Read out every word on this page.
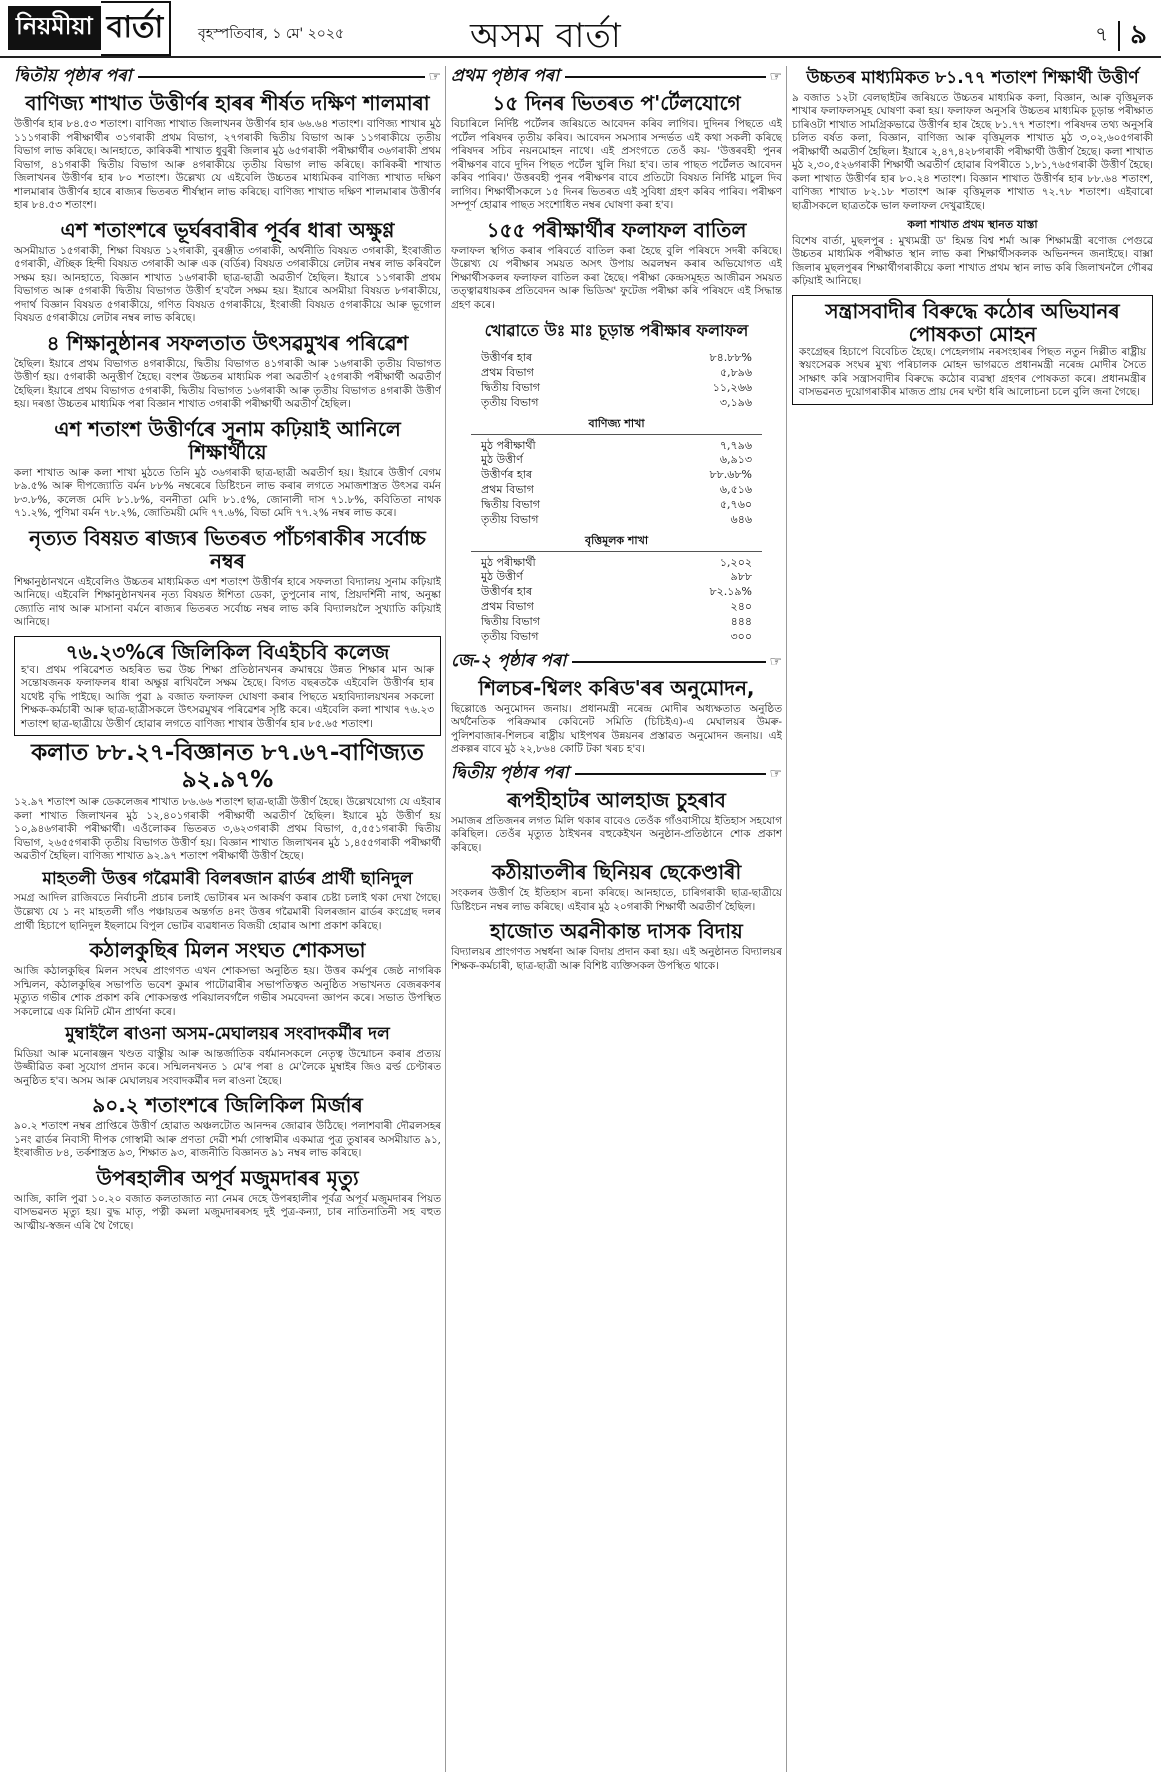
নিয়মীয়া বাৰ্তা	বৃহস্পতিবাৰ, ১ মে' ২০২৫	অসম বাৰ্তা	৭ ৯
দ্বিতীয় পৃষ্ঠাৰ পৰা	☞
বাণিজ্য শাখাত উত্তীৰ্ণৰ হাৰৰ শীৰ্ষত দক্ষিণ শালমাৰা
উত্তীৰ্ণৰ হাৰ ৮৪.৫৩ শতাংশ। বাণিজ্য শাখাত জিলাখনৰ উত্তীৰ্ণৰ হাৰ ৬৬.৬৪ শতাংশ। বাণিজ্য শাখাৰ মুঠ ১১১গৰাকী পৰীক্ষাৰ্থীৰ ৩১গৰাকী প্ৰথম বিভাগ, ২৭গৰাকী দ্বিতীয় বিভাগ আৰু ১১গৰাকীয়ে তৃতীয় বিভাগ লাভ কৰিছে। আনহাতে, কাৰিকৰী শাখাত ধুবুৰী জিলাৰ মুঠ ৬৫গৰাকী পৰীক্ষাৰ্থীৰ ৩৬গৰাকী প্ৰথম বিভাগ, ৪১গৰাকী দ্বিতীয় বিভাগ আৰু ৪গৰাকীয়ে তৃতীয় বিভাগ লাভ কৰিছে। কাৰিকৰী শাখাত জিলাখনৰ উত্তীৰ্ণৰ হাৰ ৮০ শতাংশ। উল্লেখ্য যে এইবেলি উচ্চতৰ মাধ্যমিকৰ বাণিজ্য শাখাত দক্ষিণ শালমাৰাৰ উত্তীৰ্ণৰ হাৰে ৰাজ্যৰ ভিতৰত শীৰ্ষস্থান লাভ কৰিছে। বাণিজ্য শাখাত দক্ষিণ শালমাৰাৰ উত্তীৰ্ণৰ হাৰ ৮৪.৫৩ শতাংশ।
এশ শতাংশৰে ভূৰ্ঘৰবাৰীৰ পূৰ্বৰ ধাৰা অক্ষুণ্ণ
অসমীয়াত ১৫গৰাকী, শিক্ষা বিষয়ত ১২গৰাকী, বুৰঞ্জীত ৩গৰাকী, অৰ্থনীতি বিষয়ত ৩গৰাকী, ইংৰাজীত ৫গৰাকী, ঐচ্ছিক হিন্দী বিষয়ত ৩গৰাকী আৰু এক (বৰ্ডিৰ) বিষয়ত ৩গৰাকীয়ে লেটাৰ নম্বৰ লাভ কৰিবলৈ সক্ষম হয়। আনহাতে, বিজ্ঞান শাখাত ১৬গৰাকী ছাত্ৰ-ছাত্ৰী অৱতীৰ্ণ হৈছিল। ইয়াৰে ১১গৰাকী প্ৰথম বিভাগত আৰু ৫গৰাকী দ্বিতীয় বিভাগত উত্তীৰ্ণ হ'বলৈ সক্ষম হয়। ইয়াৰে অসমীয়া বিষয়ত ৮গৰাকীয়ে, পদাৰ্থ বিজ্ঞান বিষয়ত ৫গৰাকীয়ে, গণিত বিষয়ত ৫গৰাকীয়ে, ইংৰাজী বিষয়ত ৫গৰাকীয়ে আৰু ভূগোল বিষয়ত ৫গৰাকীয়ে লেটাৰ নম্বৰ লাভ কৰিছে।
৪ শিক্ষানুষ্ঠানৰ সফলতাত উৎসৱমুখৰ পৰিৱেশ
হৈছিল। ইয়াৰে প্ৰথম বিভাগত ৪গৰাকীয়ে, দ্বিতীয় বিভাগত ৪১গৰাকী আৰু ১৬গৰাকী তৃতীয় বিভাগত উত্তীৰ্ণ হয়। ৫গৰাকী অনুত্তীৰ্ণ হৈছে। বংশৰ উচ্চতৰ মাধ্যমিক পৰা অৱতীৰ্ণ ২৫গৰাকী পৰীক্ষাৰ্থী অৱতীৰ্ণ হৈছিল। ইয়াৰে প্ৰথম বিভাগত ৫গৰাকী, দ্বিতীয় বিভাগত ১৬গৰাকী আৰু তৃতীয় বিভাগত ৪গৰাকী উত্তীৰ্ণ হয়। দৰঙা উচ্চতৰ মাধ্যমিক পৰা বিজ্ঞান শাখাত ৩গৰাকী পৰীক্ষাৰ্থী অৱতীৰ্ণ হৈছিল।
এশ শতাংশ উত্তীৰ্ণৰে সুনাম কঢ়িয়াই আনিলে শিক্ষাৰ্থীয়ে
কলা শাখাত আৰু কলা শাখা মুঠতে তিনি মুঠ ৩৬গৰাকী ছাত্ৰ-ছাত্ৰী অৱতীৰ্ণ হয়। ইয়াৰে উত্তীৰ্ণ বেগম ৮৯.৫% আৰু দীপজ্যোতি বৰ্মন ৮৮% নম্বৰেৰে ডিষ্টিংচন লাভ কৰাৰ লগতে সমাজশাস্ত্ৰত উৎসৱ বৰ্মন ৮৩.৮%, কলেজ মেদি ৮১.৮%, বননীতা মেদি ৮১.৫%, জোনালী দাস ৭১.৮%, কবিতিতা নাথক ৭১.২%, পুণিমা বৰ্মন ৭৮.২%, জোতিময়ী মেদি ৭৭.৬%, বিভা মেদি ৭৭.২% নম্বৰ লাভ কৰে।
নৃত্যত বিষয়ত ৰাজ্যৰ ভিতৰত পাঁচগৰাকীৰ সৰ্বোচ্চ নম্বৰ
শিক্ষানুষ্ঠানখনে এইবেলিও উচ্চতৰ মাধ্যমিকত এশ শতাংশ উত্তীৰ্ণৰ হাৰে সফলতা বিদ্যালয় সুনাম কঢ়িয়াই আনিছে। এইবেলি শিক্ষানুষ্ঠানখনৰ নৃত্য বিষয়ত ঈশিতা ডেকা, তুপুনোৰ নাথ, প্ৰিয়দৰ্শিনী নাথ, অনুষ্কা জ্যোতি নাথ আৰু মাসানা বৰ্মনে ৰাজ্যৰ ভিতৰত সৰ্বোচ্চ নম্বৰ লাভ কৰি বিদ্যালয়লৈ সুখ্যাতি কঢ়িয়াই আনিছে।
৭৬.২৩%ৰে জিলিকিল বিএইচবি কলেজ
হ'ব। প্ৰথম পৰিৱেশত অহৰিত ভৱ উচ্চ শিক্ষা প্ৰতিষ্ঠানখনৰ ক্ৰমান্বয়ে উন্নত শিক্ষাৰ মান আৰু সন্তোষজনক ফলাফলৰ ধাৰা অক্ষুণ্ণ ৰাখিবলৈ সক্ষম হৈছে। বিগত বছৰতকৈ এইবেলি উত্তীৰ্ণৰ হাৰ যথেষ্ট বৃদ্ধি পাইছে। আজি পুৱা ৯ বজাত ফলাফল ঘোষণা কৰাৰ পিছতে মহাবিদ্যালয়খনৰ সকলো শিক্ষক-কৰ্মচাৰী আৰু ছাত্ৰ-ছাত্ৰীসকলে উৎসৱমুখৰ পৰিৱেশৰ সৃষ্টি কৰে। এইবেলি কলা শাখাৰ ৭৬.২৩ শতাংশ ছাত্ৰ-ছাত্ৰীয়ে উত্তীৰ্ণ হোৱাৰ লগতে বাণিজ্য শাখাৰ উত্তীৰ্ণৰ হাৰ ৮৫.৬৫ শতাংশ।
কলাত ৮৮.২৭-বিজ্ঞানত ৮৭.৬৭-বাণিজ্যত ৯২.৯৭%
১২.৯৭ শতাংশ আৰু ডেকলেজৰ শাখাত ৮৬.৬৬ শতাংশ ছাত্ৰ-ছাত্ৰী উত্তীৰ্ণ হৈছে। উল্লেখযোগ্য যে এইবাৰ কলা শাখাত জিলাখনৰ মুঠ ১২,৪০১গৰাকী পৰীক্ষাৰ্থী অৱতীৰ্ণ হৈছিল। ইয়াৰে মুঠ উত্তীৰ্ণ হয় ১০,৯৪৬গৰাকী পৰীক্ষাৰ্থী। এওঁলোকৰ ভিতৰত ৩,৬২৩গৰাকী প্ৰথম বিভাগ, ৫,৫৫১গৰাকী দ্বিতীয় বিভাগ, ২৬৫৫গৰাকী তৃতীয় বিভাগত উত্তীৰ্ণ হয়। বিজ্ঞান শাখাত জিলাখনৰ মুঠ ১,৪৫৫গৰাকী পৰীক্ষাৰ্থী অৱতীৰ্ণ হৈছিল। বাণিজ্য শাখাত ৯২.৯৭ শতাংশ পৰীক্ষাৰ্থী উত্তীৰ্ণ হৈছে।
মাহতলী উত্তৰ গৱৈমাৰী বিলৰজান ৱাৰ্ডৰ প্ৰাৰ্থী ছানিদুল
সমগ্ৰ আদিল রাজিবতে নিৰ্বাচনী প্ৰচাৰ চলাই ভোটাৰৰ মন আকৰ্ষণ কৰাৰ চেষ্টা চলাই থকা দেখা গৈছে। উল্লেখ্য যে ১ নং মাহতলী গাঁও পঞ্চায়তৰ অন্তৰ্গত ৪নং উত্তৰ গৱৈমাৰী বিলৰজান ৱাৰ্ডৰ কংগ্ৰেছ দলৰ প্ৰাৰ্থী হিচাপে ছানিদুল ইছলামে বিপুল ভোটৰ ব্যৱধানত বিজয়ী হোৱাৰ আশা প্ৰকাশ কৰিছে।
কঠালকুছিৰ মিলন সংঘত শোকসভা
আজি কঠালকুছিৰ মিলন সংঘৰ প্ৰাংগণত এখন শোকসভা অনুষ্ঠিত হয়। উত্তৰ কৰ্মপুৰ জেষ্ঠ নাগৰিক সন্মিলন, কঠালকুছিৰ সভাপতি ভবেশ কুমাৰ পাটোৱাৰীৰ সভাপতিত্বত অনুষ্ঠিত সভাখনত বেজৰকণৰ মৃত্যুত গভীৰ শোক প্ৰকাশ কৰি শোকসন্তপ্ত পৰিয়ালবৰ্গলৈ গভীৰ সমবেদনা জ্ঞাপন কৰে। সভাত উপস্থিত সকলোৱে এক মিনিট মৌন প্ৰাৰ্থনা কৰে।
মুম্বাইলৈ ৰাওনা অসম-মেঘালয়ৰ সংবাদকৰ্মীৰ দল
মিডিয়া আৰু মনোৰঞ্জন খণ্ডত বাস্তুীয় আৰু আন্তৰ্জাতিক বৰ্ধমানসকলে নেতৃত্ব উন্মোচন কৰাৰ প্ৰত্যয় উজ্জীৱিত কৰা সুযোগ প্ৰদান কৰে। সন্মিলনখনত ১ মে'ৰ পৰা ৪ মে'লৈকে মুম্বাইৰ জিও ৱৰ্ল্ড চেণ্টাৰত অনুষ্ঠিত হ'ব। অসম আৰু মেঘালয়ৰ সংবাদকৰ্মীৰ দল ৰাওনা হৈছে।
৯০.২ শতাংশৰে জিলিকিল মিৰ্জাৰ
৯০.২ শতাংশ নম্বৰ প্ৰাপ্তিৰে উত্তীৰ্ণ হোৱাত অঞ্চলটোত আনন্দৰ জোৱাৰ উঠিছে। পলাশবাৰী দৌৱলসহৰ ১নং ৱাৰ্ডৰ নিবাসী দীপক গোস্বামী আৰু প্ৰণতা দেৱী শৰ্মা গোস্বামীৰ একমাত্ৰ পুত্ৰ তুষাৰৰ অসমীয়াত ৯১, ইংৰাজীত ৮৪, তৰ্কশাস্ত্ৰত ৯৩, শিক্ষাত ৯৩, ৰাজনীতি বিজ্ঞানত ৯১ নম্বৰ লাভ কৰিছে।
উপৰহালীৰ অপূৰ্ব মজুমদাৰৰ মৃত্যু
আজি, কালি পুৱা ১০.২০ বজাত কলতাজাত ন্যা নেমৰ দেহে উপৰহালীৰ পূৰ্বত্ৰ অপূৰ্ব মজুমদাৰৰ পিয়ত বাসভৱনত মৃত্যু হয়। বুদ্ধ মাতৃ, পত্নী কমলা মজুমদাৰৰসহ দুই পুত্ৰ-কন্যা, চাৰ নাতিনাতিনী সহ বহুত আত্মীয়-স্বজন এৰি থৈ গৈছে।
প্ৰথম পৃষ্ঠাৰ পৰা	☞
১৫ দিনৰ ভিতৰত প'ৰ্টেলযোগে
বিচাৰিলে নিৰ্দিষ্ট পৰ্টেলৰ জৰিয়তে আবেদন কৰিব লাগিব। দুদিনৰ পিছতে এই পৰ্টেল পৰিষদৰ তৃতীয় কৰিব। আবেদন সমস্যাৰ সন্দৰ্ভত এই কথা সকলী কৰিছে পৰিষদৰ সচিব নয়নমোহন নাথে। এই প্ৰসংগতে তেওঁ কয়- 'উত্তৰবহী পুনৰ পৰীক্ষণৰ বাবে দুদিন পিছত পৰ্টেল খুলি দিয়া হ'ব। তাৰ পাছত পৰ্টেলত আবেদন কৰিব পাৰিব।' উত্তৰবহী পুনৰ পৰীক্ষণৰ বাবে প্ৰতিটো বিষয়ত নিৰ্দিষ্ট মাচুল দিব লাগিব। শিক্ষাৰ্থীসকলে ১৫ দিনৰ ভিতৰত এই সুবিধা গ্ৰহণ কৰিব পাৰিব। পৰীক্ষণ সম্পূৰ্ণ হোৱাৰ পাছত সংশোধিত নম্বৰ ঘোষণা কৰা হ'ব।
১৫৫ পৰীক্ষাৰ্থীৰ ফলাফল বাতিল
ফলাফল স্থগিত কৰাৰ পৰিবৰ্তে বাতিল কৰা হৈছে বুলি পৰিষদে সদৰী কৰিছে। উল্লেখ্য যে পৰীক্ষাৰ সময়ত অসৎ উপায় অৱলম্বন কৰাৰ অভিযোগত এই শিক্ষাৰ্থীসকলৰ ফলাফল বাতিল কৰা হৈছে। পৰীক্ষা কেন্দ্ৰসমূহত আজীৱন সময়ত তত্ত্বাৱধায়কৰ প্ৰতিবেদন আৰু ভিডিঅ' ফুটেজ পৰীক্ষা কৰি পৰিষদে এই সিদ্ধান্ত গ্ৰহণ কৰে।
খোৱাতে উঃ মাঃ চূড়ান্ত পৰীক্ষাৰ ফলাফল
উত্তীৰ্ণৰ হাৰ	৮৪.৮৮%
প্ৰথম বিভাগ	৫,৮৯৬
দ্বিতীয় বিভাগ	১১,২৬৬
তৃতীয় বিভাগ	৩,১৯৬
বাণিজ্য শাখা
মুঠ পৰীক্ষাৰ্থী	৭,৭৯৬
মুঠ উত্তীৰ্ণ	৬,৯১৩
উত্তীৰ্ণৰ হাৰ	৮৮.৬৮%
প্ৰথম বিভাগ	৬,৫১৬
দ্বিতীয় বিভাগ	৫,৭৬০
তৃতীয় বিভাগ	৬৪৬
বৃত্তিমূলক শাখা
মুঠ পৰীক্ষাৰ্থী	১,২০২
মুঠ উত্তীৰ্ণ	৯৮৮
উত্তীৰ্ণৰ হাৰ	৮২.১৯%
প্ৰথম বিভাগ	২৪০
দ্বিতীয় বিভাগ	৪৪৪
তৃতীয় বিভাগ	৩০০
জে-২ পৃষ্ঠাৰ পৰা	☞
শিলচৰ-শ্বিলং কৰিড'ৰৰ অনুমোদন,
ছিল্লোঙে অনুমোদন জনায়। প্ৰধানমন্ত্ৰী নৰেন্দ্ৰ মোদীৰ অধ্যক্ষতাত অনুষ্ঠিত অৰ্থনৈতিক পৰিক্ৰমাৰ কেবিনেট সমিতি (চিচিইএ)-এ মেঘালয়ৰ উমৰু-পুলিশবাজাৰ-শিলচৰ ৰাষ্ট্ৰীয় ঘাইপথৰ উন্নয়নৰ প্ৰস্তাৱত অনুমোদন জনায়। এই প্ৰকল্পৰ বাবে মুঠ ২২,৮৬৪ কোটি টকা খৰচ হ'ব।
দ্বিতীয় পৃষ্ঠাৰ পৰা	☞
ৰূপহীহাটৰ আলহাজ চুহৰাব
সমাজৰ প্ৰতিজনৰ লগত মিলি থকাৰ বাবেও তেওঁক গাঁওবাসীয়ে ইতিহাস সহযোগ কৰিছিল। তেওঁৰ মৃত্যুত ঠাইখনৰ বহুকেইখন অনুষ্ঠান-প্ৰতিষ্ঠানে শোক প্ৰকাশ কৰিছে।
কঠীয়াতলীৰ ছিনিয়ৰ ছেকেণ্ডাৰী
সংকলৰ উত্তীৰ্ণ হৈ ইতিহাস ৰচনা কৰিছে। আনহাতে, চাৰিগৰাকী ছাত্ৰ-ছাত্ৰীয়ে ডিষ্টিংচন নম্বৰ লাভ কৰিছে। এইবাৰ মুঠ ২০গৰাকী শিক্ষাৰ্থী অৱতীৰ্ণ হৈছিল।
হাজোত অৱনীকান্ত দাসক বিদায়
বিদ্যালয়ৰ প্ৰাংগণত সম্বৰ্ধনা আৰু বিদায় প্ৰদান কৰা হয়। এই অনুষ্ঠানত বিদ্যালয়ৰ শিক্ষক-কৰ্মচাৰী, ছাত্ৰ-ছাত্ৰী আৰু বিশিষ্ট ব্যক্তিসকল উপস্থিত থাকে।
উচ্চতৰ মাধ্যমিকত ৮১.৭৭ শতাংশ শিক্ষাৰ্থী উত্তীৰ্ণ
৯ বজাত ১২টা বেলছাইটৰ জৰিয়তে উচ্চতৰ মাধ্যমিক কলা, বিজ্ঞান, আৰু বৃত্তিমূলক শাখাৰ ফলাফলসমূহ ঘোষণা কৰা হয়। ফলাফল অনুসৰি উচ্চতৰ মাধ্যমিক চূড়ান্ত পৰীক্ষাত চাৰিওটা শাখাত সামগ্ৰিকভাৱে উত্তীৰ্ণৰ হাৰ হৈছে ৮১.৭৭ শতাংশ। পৰিষদৰ তথ্য অনুসৰি চলিত বৰ্ষত কলা, বিজ্ঞান, বাণিজ্য আৰু বৃত্তিমূলক শাখাত মুঠ ৩,০২,৬০৫গৰাকী পৰীক্ষাৰ্থী অৱতীৰ্ণ হৈছিল। ইয়াৰে ২,৪৭,৪২৮গৰাকী পৰীক্ষাৰ্থী উত্তীৰ্ণ হৈছে। কলা শাখাত মুঠ ২,৩০,৫২৬গৰাকী শিক্ষাৰ্থী অৱতীৰ্ণ হোৱাৰ বিপৰীতে ১,৮১,৭৬৫গৰাকী উত্তীৰ্ণ হৈছে। কলা শাখাত উত্তীৰ্ণৰ হাৰ ৮০.২৪ শতাংশ। বিজ্ঞান শাখাত উত্তীৰ্ণৰ হাৰ ৮৮.৬৪ শতাংশ, বাণিজ্য শাখাত ৮২.১৮ শতাংশ আৰু বৃত্তিমূলক শাখাত ৭২.৭৮ শতাংশ। এইবাৰো ছাত্ৰীসকলে ছাত্ৰতকৈ ভাল ফলাফল দেখুৱাইছে।
কলা শাখাত প্ৰথম স্থানত যাস্তা
বিশেষ বাৰ্তা, মুছলপুৰ : মুখ্যমন্ত্ৰী ড' হিমন্ত বিশ্ব শৰ্মা আৰু শিক্ষামন্ত্ৰী ৰণোজ পেগুৱে উচ্চতৰ মাধ্যমিক পৰীক্ষাত স্থান লাভ কৰা শিক্ষাৰ্থীসকলক অভিনন্দন জনাইছে। বাক্সা জিলাৰ মুছলপুৰৰ শিক্ষাৰ্থীগৰাকীয়ে কলা শাখাত প্ৰথম স্থান লাভ কৰি জিলাখনলৈ গৌৰৱ কঢ়িয়াই আনিছে।
সন্ত্ৰাসবাদীৰ বিৰুদ্ধে কঠোৰ অভিযানৰ পোষকতা মোহন
কংগ্ৰেছৰ হিচাপে বিবেচিত হৈছে। পেহেলগাম নৰসংহাৰৰ পিছত নতুন দিল্লীত ৰাষ্ট্ৰীয় স্বয়ংসেৱক সংঘৰ মুখ্য পৰিচালক মোহন ভাগৱতে প্ৰধানমন্ত্ৰী নৰেন্দ্ৰ মোদীৰ সৈতে সাক্ষাৎ কৰি সন্ত্ৰাসবাদীৰ বিৰুদ্ধে কঠোৰ ব্যৱস্থা গ্ৰহণৰ পোষকতা কৰে। প্ৰধানমন্ত্ৰীৰ বাসভৱনত দুয়োগৰাকীৰ মাজত প্ৰায় দেৰ ঘণ্টা ধৰি আলোচনা চলে বুলি জনা গৈছে।
